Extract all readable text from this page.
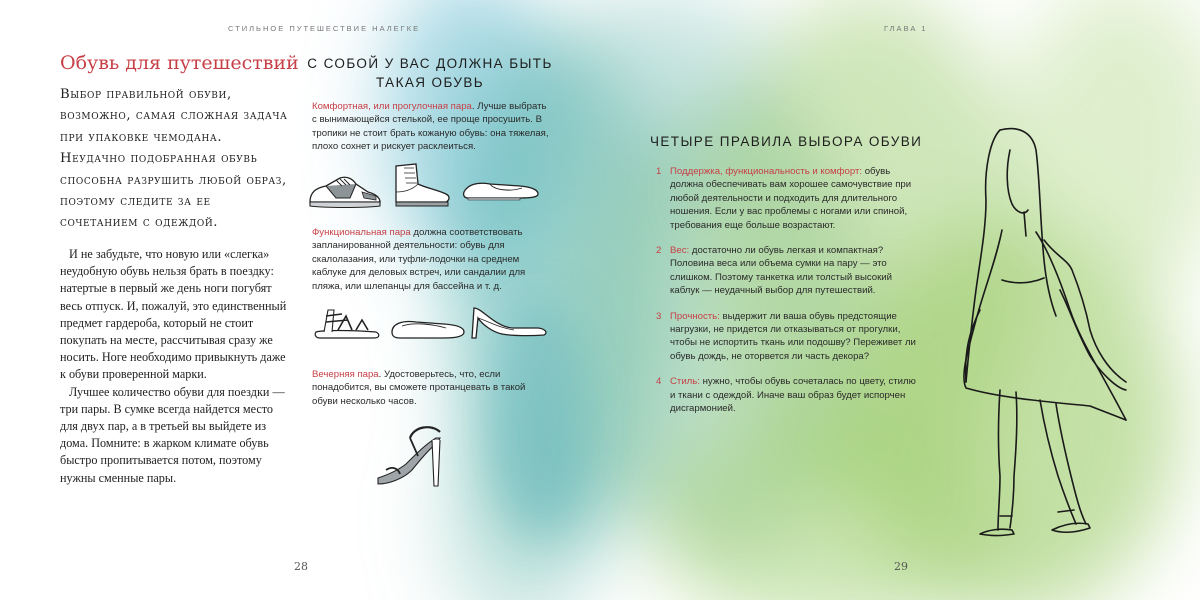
СТИЛЬНОЕ ПУТЕШЕСТВИЕ НАЛЕГКЕ	ГЛАВА 1
Обувь для путешествий

Выбор правильной обуви, возможно, самая сложная задача при упаковке чемодана. Неудачно подобранная обувь способна разрушить любой образ, поэтому следите за ее сочетанием с одеждой.

И не забудьте, что новую или «слегка» неудобную обувь нельзя брать в поездку: натертые в первый же день ноги погубят весь отпуск. И, пожалуй, это единственный предмет гардероба, который не стоит покупать на месте, рассчитывая сразу же носить. Ноге необходимо привыкнуть даже к обуви проверенной марки.

Лучшее количество обуви для поездки — три пары. В сумке всегда найдется место для двух пар, а в третьей вы выйдете из дома. Помните: в жарком климате обувь быстро пропитывается потом, поэтому нужны сменные пары.

28
С СОБОЙ У ВАС ДОЛЖНА БЫТЬ
ТАКАЯ ОБУВЬ

Комфортная, или прогулочная пара. Лучше выбрать с вынимающейся стелькой, ее проще просушить. В тропики не стоит брать кожаную обувь: она тяжелая, плохо сохнет и рискует расклеиться.

Функциональная пара должна соответствовать запланированной деятельности: обувь для скалолазания, или туфли-лодочки на среднем каблуке для деловых встреч, или сандалии для пляжа, или шлепанцы для бассейна и т. д.

Вечерняя пара. Удостоверьтесь, что, если понадобится, вы сможете протанцевать в такой обуви несколько часов.

ЧЕТЫРЕ ПРАВИЛА ВЫБОРА ОБУВИ
1 Поддержка, функциональность и комфорт: обувь должна обеспечивать вам хорошее самочувствие при любой деятельности и подходить для длительного ношения. Если у вас проблемы с ногами или спиной, требования еще больше возрастают.
2 Вес: достаточно ли обувь легкая и компактная? Половина веса или объема сумки на пару — это слишком. Поэтому танкетка или толстый высокий каблук — неудачный выбор для путешествий.
3 Прочность: выдержит ли ваша обувь предстоящие нагрузки, не придется ли отказываться от прогулки, чтобы не испортить ткань или подошву? Переживет ли обувь дождь, не оторвется ли часть декора?
4 Стиль: нужно, чтобы обувь сочеталась по цвету, стилю и ткани с одеждой. Иначе ваш образ будет испорчен дисгармонией.
29
